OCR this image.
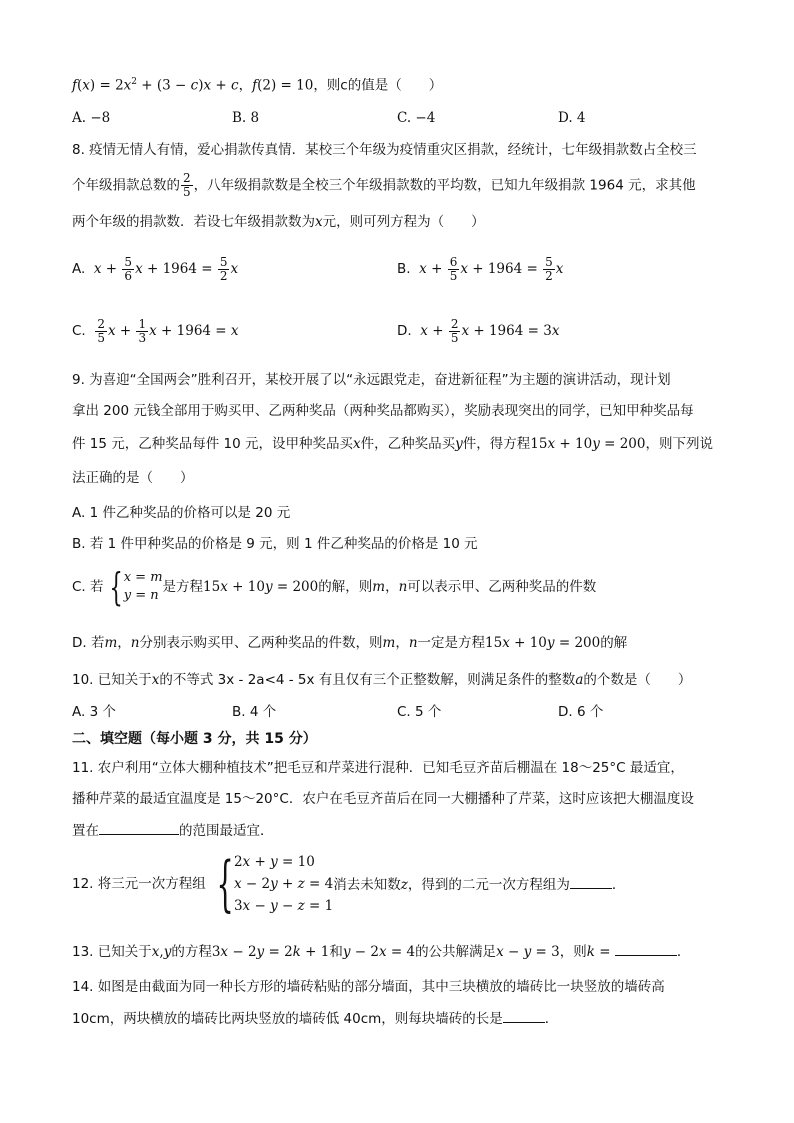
$f(x) = 2x^2 + (3 - c)x + c$，f(2) = 10，则c的值是（　　）
A. −8	B. 8	C. −4	D. 4
8. 疫情无情人有情，爱心捐款传真情．某校三个年级为疫情重灾区捐款，经统计，七年级捐款数占全校三
个年级捐款总数的 $\frac{2}{5}$ ，八年级捐款数是全校三个年级捐款数的平均数，已知九年级捐款 1964 元，求其他
两个年级的捐款数．若设七年级捐款数为x元，则可列方程为（　　）
A. $x + \frac{5}{6}$ $x + 1964 = \frac{5}{2}$ x	B. $x + \frac{6}{5}$ $x + 1964 = \frac{5}{2}$ x
C. $\frac{2}{5}$ $x + \frac{1}{3}$ x + 1964 = x	D. $x + \frac{2}{5}$ x + 1964 = 3x
9. 为喜迎“全国两会”胜利召开，某校开展了以“永远跟党走，奋进新征程”为主题的演讲活动，现计划
拿出 200 元钱全部用于购买甲、乙两种奖品（两种奖品都购买），奖励表现突出的同学，已知甲种奖品每
件 15 元，乙种奖品每件 10 元，设甲种奖品买x件，乙种奖品买y件，得方程15x + 10y = 200，则下列说
法正确的是（　　）
A. 1 件乙种奖品的价格可以是 20 元
B. 若 1 件甲种奖品的价格是 9 元，则 1 件乙种奖品的价格是 10 元
C. 若 { x = m
y = n
是方程15x + 10y = 200的解，则m，n可以表示甲、乙两种奖品的件数
D. 若m，n分别表示购买甲、乙两种奖品的件数，则m，n一定是方程15x + 10y = 200的解
10. 已知关于x的不等式 3x - 2a<4 - 5x 有且仅有三个正整数解，则满足条件的整数a的个数是（　　）
A. 3 个	B. 4 个	C. 5 个	D. 6 个
二、填空题（每小题 3 分，共 15 分）
11. 农户利用“立体大棚种植技术”把毛豆和芹菜进行混种．已知毛豆齐苗后棚温在 18～25°C 最适宜，
播种芹菜的最适宜温度是 15～20°C．农户在毛豆齐苗后在同一大棚播种了芹菜，这时应该把大棚温度设
置在	的范围最适宜．
12. 将三元一次方程组 { 2x + y = 10
x − 2y + z = 4
3x − y − z = 1
消去未知数z，得到的二元一次方程组为	．
13. 已知关于x,y的方程3x − 2y = 2k + 1和y − 2x = 4的公共解满足x − y = 3，则k =	．
14. 如图是由截面为同一种长方形的墙砖粘贴的部分墙面，其中三块横放的墙砖比一块竖放的墙砖高
10cm，两块横放的墙砖比两块竖放的墙砖低 40cm，则每块墙砖的长是	．
